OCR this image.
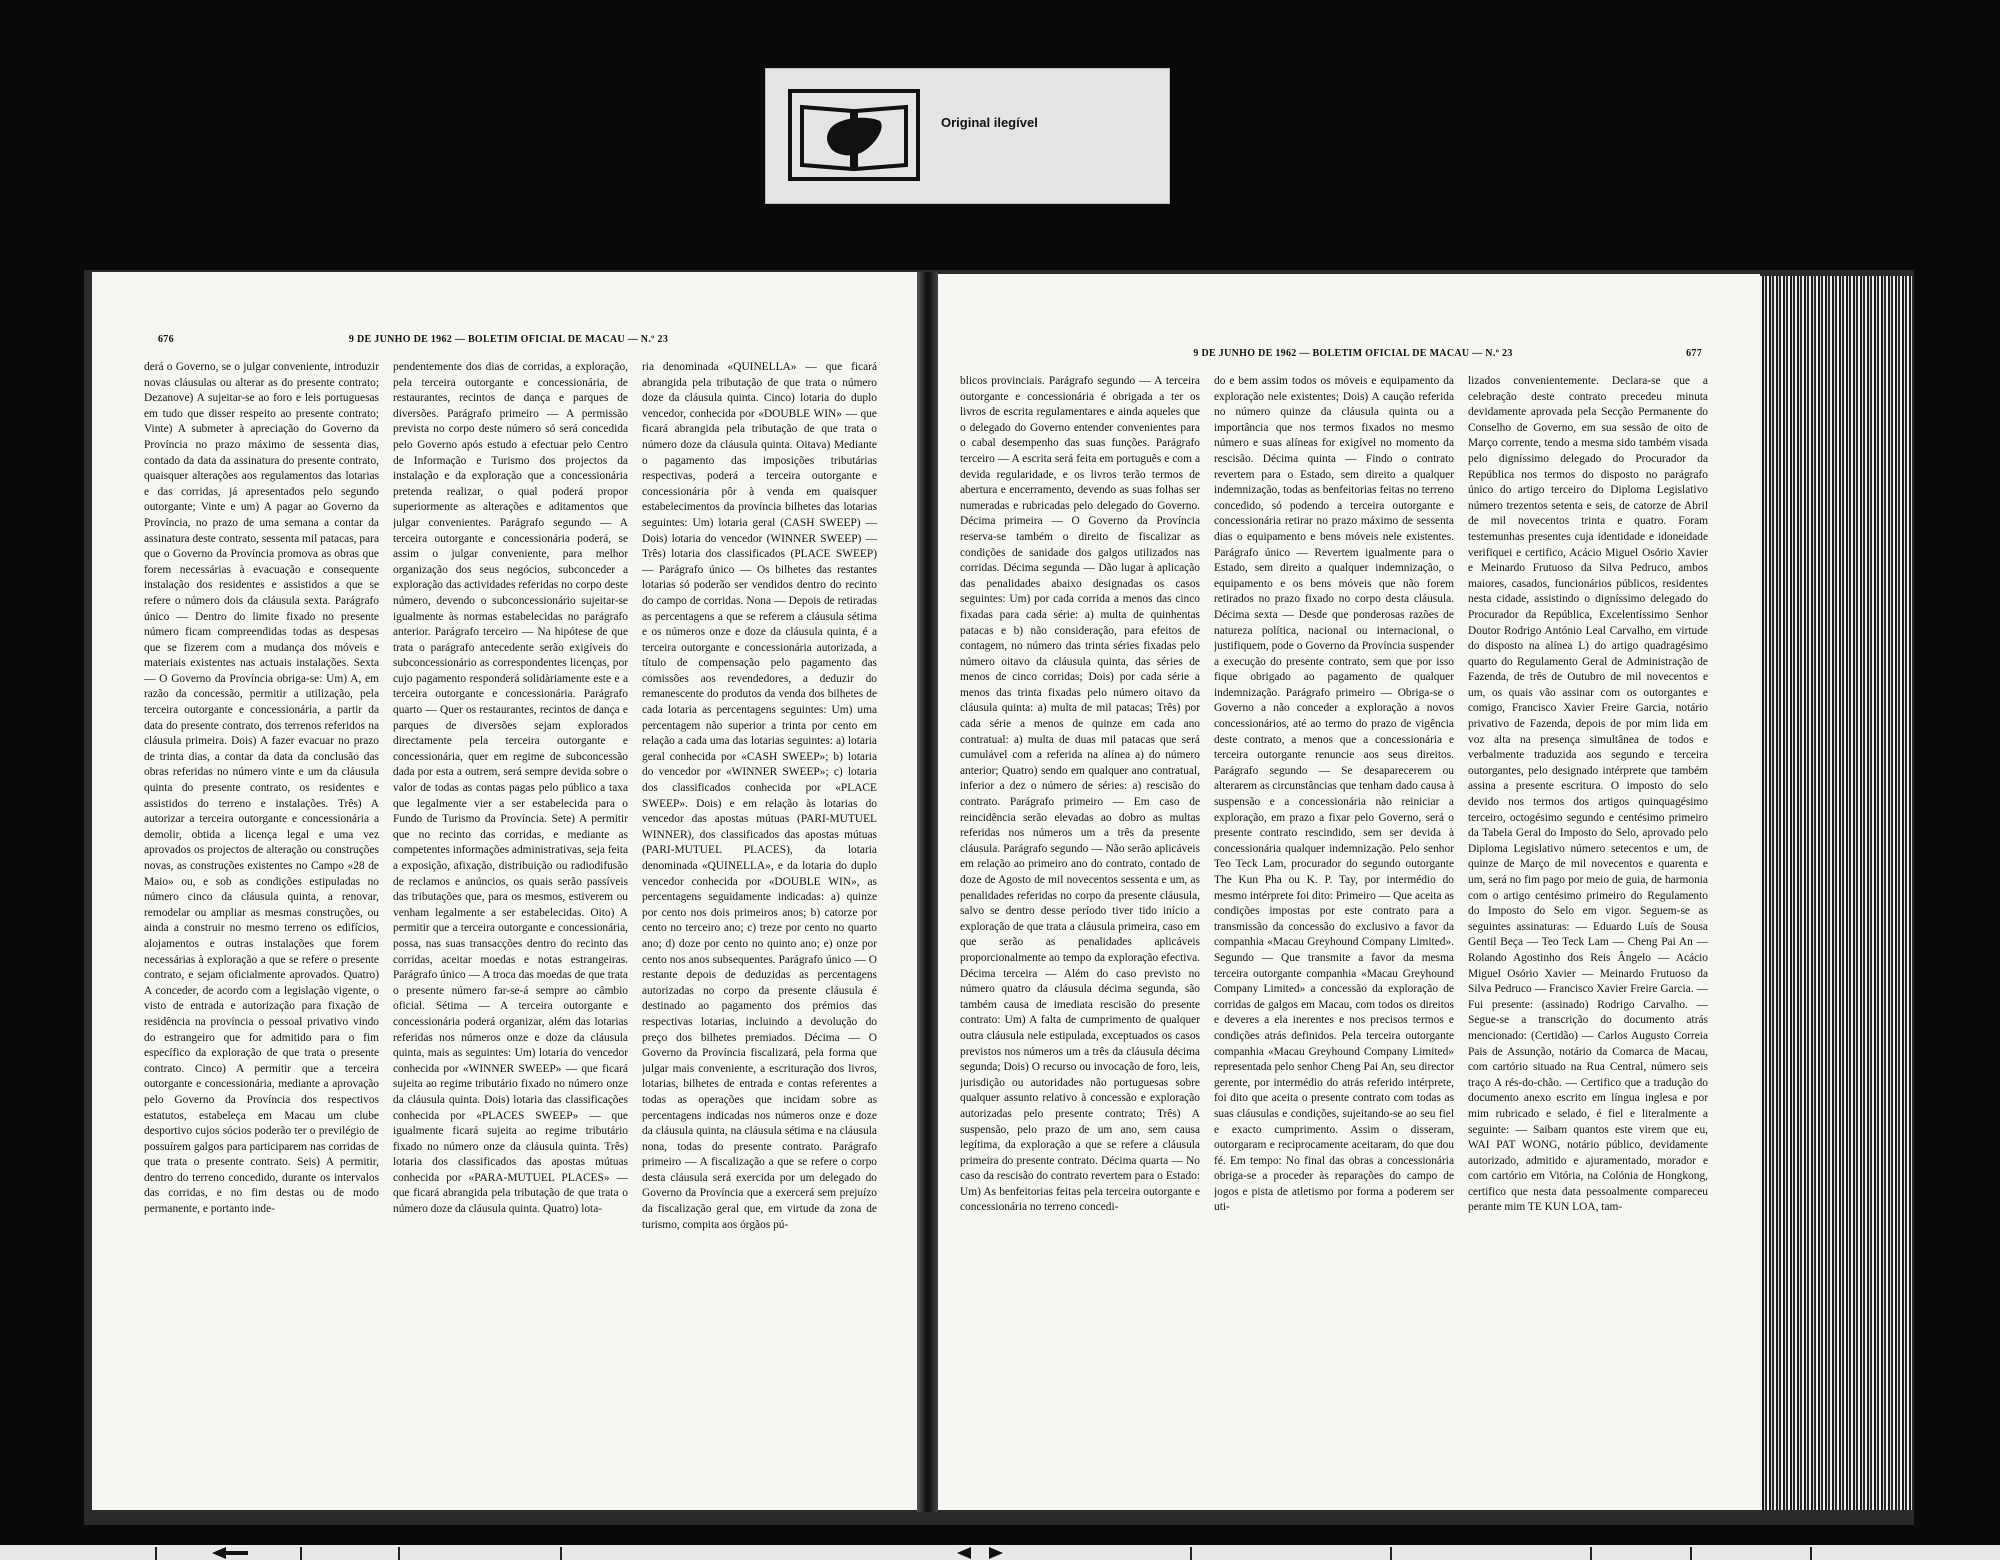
Original ilegível
676	9 DE JUNHO DE 1962 — BOLETIM OFICIAL DE MACAU — N.º 23

derá o Governo, se o julgar conveniente, introduzir novas cláusulas ou alterar as do presente contrato; Dezanove) A sujeitar-se ao foro e leis portuguesas em tudo que disser respeito ao presente contrato; Vinte) A submeter à apreciação do Governo da Província no prazo máximo de sessenta dias, contado da data da assinatura do presente contrato, quaisquer alterações aos regulamentos das lotarias e das corridas, já apresentados pelo segundo outorgante; Vinte e um) A pagar ao Governo da Província, no prazo de uma semana a contar da assinatura deste contrato, sessenta mil patacas, para que o Governo da Província promova as obras que forem necessárias à evacuação e consequente instalação dos residentes e assistidos a que se refere o número dois da cláusula sexta. Parágrafo único — Dentro do limite fixado no presente número ficam compreendidas todas as despesas que se fizerem com a mudança dos móveis e materiais existentes nas actuais instalações. Sexta — O Governo da Província obriga-se: Um) A, em razão da concessão, permitir a utilização, pela terceira outorgante e concessionária, a partir da data do presente contrato, dos terrenos referidos na cláusula primeira. Dois) A fazer evacuar no prazo de trinta dias, a contar da data da conclusão das obras referidas no número vinte e um da cláusula quinta do presente contrato, os residentes e assistidos do terreno e instalações. Três) A autorizar a terceira outorgante e concessionária a demolir, obtida a licença legal e uma vez aprovados os projectos de alteração ou construções novas, as construções existentes no Campo «28 de Maio» ou, e sob as condições estipuladas no número cinco da cláusula quinta, a renovar, remodelar ou ampliar as mesmas construções, ou ainda a construir no mesmo terreno os edifícios, alojamentos e outras instalações que forem necessárias à exploração a que se refere o presente contrato, e sejam oficialmente aprovados. Quatro) A conceder, de acordo com a legislação vigente, o visto de entrada e autorização para fixação de residência na província o pessoal privativo vindo do estrangeiro que for admitido para o fim específico da exploração de que trata o presente contrato. Cinco) A permitir que a terceira outorgante e concessionária, mediante a aprovação pelo Governo da Província dos respectivos estatutos, estabeleça em Macau um clube desportivo cujos sócios poderão ter o previlégio de possuírem galgos para participarem nas corridas de que trata o presente contrato. Seis) A permitir, dentro do terreno concedido, durante os intervalos das corridas, e no fim destas ou de modo permanente, e portanto inde-

pendentemente dos dias de corridas, a exploração, pela terceira outorgante e concessionária, de restaurantes, recintos de dança e parques de diversões. Parágrafo primeiro — A permissão prevista no corpo deste número só será concedida pelo Governo após estudo a efectuar pelo Centro de Informação e Turismo dos projectos da instalação e da exploração que a concessionária pretenda realizar, o qual poderá propor superiormente as alterações e aditamentos que julgar convenientes. Parágrafo segundo — A terceira outorgante e concessionária poderá, se assim o julgar conveniente, para melhor organização dos seus negócios, subconceder a exploração das actividades referidas no corpo deste número, devendo o subconcessionário sujeitar-se igualmente às normas estabelecidas no parágrafo anterior. Parágrafo terceiro — Na hipótese de que trata o parágrafo antecedente serão exigíveis do subconcessionário as correspondentes licenças, por cujo pagamento responderá solidàriamente este e a terceira outorgante e concessionária. Parágrafo quarto — Quer os restaurantes, recintos de dança e parques de diversões sejam explorados directamente pela terceira outorgante e concessionária, quer em regime de subconcessão dada por esta a outrem, será sempre devida sobre o valor de todas as contas pagas pelo público a taxa que legalmente vier a ser estabelecida para o Fundo de Turismo da Província. Sete) A permitir que no recinto das corridas, e mediante as competentes informações administrativas, seja feita a exposição, afixação, distribuição ou radiodifusão de reclamos e anúncios, os quais serão passíveis das tributações que, para os mesmos, estiverem ou venham legalmente a ser estabelecidas. Oito) A permitir que a terceira outorgante e concessionária, possa, nas suas transacções dentro do recinto das corridas, aceitar moedas e notas estrangeiras. Parágrafo único — A troca das moedas de que trata o presente número far-se-á sempre ao câmbio oficial. Sétima — A terceira outorgante e concessionária poderá organizar, além das lotarias referidas nos números onze e doze da cláusula quinta, mais as seguintes: Um) lotaria do vencedor conhecida por «WINNER SWEEP» — que ficará sujeita ao regime tributário fixado no número onze da cláusula quinta. Dois) lotaria das classificações conhecida por «PLACES SWEEP» — que igualmente ficará sujeita ao regime tributário fixado no número onze da cláusula quinta. Três) lotaria dos classificados das apostas mútuas conhecida por «PARA-MUTUEL PLACES» — que ficará abrangida pela tributação de que trata o número doze da cláusula quinta. Quatro) lota-

ria denominada «QUINELLA» — que ficará abrangida pela tributação de que trata o número doze da cláusula quinta. Cinco) lotaria do duplo vencedor, conhecida por «DOUBLE WIN» — que ficará abrangida pela tributação de que trata o número doze da cláusula quinta. Oitava) Mediante o pagamento das imposições tributárias respectivas, poderá a terceira outorgante e concessionária pôr à venda em quaisquer estabelecimentos da província bilhetes das lotarias seguintes: Um) lotaria geral (CASH SWEEP) — Dois) lotaria do vencedor (WINNER SWEEP) — Três) lotaria dos classificados (PLACE SWEEP) — Parágrafo único — Os bilhetes das restantes lotarias só poderão ser vendidos dentro do recinto do campo de corridas. Nona — Depois de retiradas as percentagens a que se referem a cláusula sétima e os números onze e doze da cláusula quinta, é a terceira outorgante e concessionária autorizada, a título de compensação pelo pagamento das comissões aos revendedores, a deduzir do remanescente do produtos da venda dos bilhetes de cada lotaria as percentagens seguintes: Um) uma percentagem não superior a trinta por cento em relação a cada uma das lotarias seguintes: a) lotaria geral conhecida por «CASH SWEEP»; b) lotaria do vencedor por «WINNER SWEEP»; c) lotaria dos classificados conhecida por «PLACE SWEEP». Dois) e em relação às lotarias do vencedor das apostas mútuas (PARI-MUTUEL WINNER), dos classificados das apostas mútuas (PARI-MUTUEL PLACES), da lotaria denominada «QUINELLA», e da lotaria do duplo vencedor conhecida por «DOUBLE WIN», as percentagens seguidamente indicadas: a) quinze por cento nos dois primeiros anos; b) catorze por cento no terceiro ano; c) treze por cento no quarto ano; d) doze por cento no quinto ano; e) onze por cento nos anos subsequentes. Parágrafo único — O restante depois de deduzidas as percentagens autorizadas no corpo da presente cláusula é destinado ao pagamento dos prémios das respectivas lotarias, incluindo a devolução do preço dos bilhetes premiados. Décima — O Governo da Província fiscalizará, pela forma que julgar mais conveniente, a escrituração dos livros, lotarias, bilhetes de entrada e contas referentes a todas as operações que incidam sobre as percentagens indicadas nos números onze e doze da cláusula quinta, na cláusula sétima e na cláusula nona, todas do presente contrato. Parágrafo primeiro — A fiscalização a que se refere o corpo desta cláusula será exercida por um delegado do Governo da Província que a exercerá sem prejuízo da fiscalização geral que, em virtude da zona de turismo, compita aos órgãos pú-

9 DE JUNHO DE 1962 — BOLETIM OFICIAL DE MACAU — N.º 23	677

blicos provinciais. Parágrafo segundo — A terceira outorgante e concessionária é obrigada a ter os livros de escrita regulamentares e ainda aqueles que o delegado do Governo entender convenientes para o cabal desempenho das suas funções. Parágrafo terceiro — A escrita será feita em português e com a devida regularidade, e os livros terão termos de abertura e encerramento, devendo as suas folhas ser numeradas e rubricadas pelo delegado do Governo. Décima primeira — O Governo da Província reserva-se também o direito de fiscalizar as condições de sanidade dos galgos utilizados nas corridas. Décima segunda — Dão lugar à aplicação das penalidades abaixo designadas os casos seguintes: Um) por cada corrida a menos das cinco fixadas para cada série: a) multa de quinhentas patacas e b) não consideração, para efeitos de contagem, no número das trinta séries fixadas pelo número oitavo da cláusula quinta, das séries de menos de cinco corridas; Dois) por cada série a menos das trinta fixadas pelo número oitavo da cláusula quinta: a) multa de mil patacas; Três) por cada série a menos de quinze em cada ano contratual: a) multa de duas mil patacas que será cumulável com a referida na alínea a) do número anterior; Quatro) sendo em qualquer ano contratual, inferior a dez o número de séries: a) rescisão do contrato. Parágrafo primeiro — Em caso de reincidência serão elevadas ao dobro as multas referidas nos números um a três da presente cláusula. Parágrafo segundo — Não serão aplicáveis em relação ao primeiro ano do contrato, contado de doze de Agosto de mil novecentos sessenta e um, as penalidades referidas no corpo da presente cláusula, salvo se dentro desse período tiver tido início a exploração de que trata a cláusula primeira, caso em que serão as penalidades aplicáveis proporcionalmente ao tempo da exploração efectiva. Décima terceira — Além do caso previsto no número quatro da cláusula décima segunda, são também causa de imediata rescisão do presente contrato: Um) A falta de cumprimento de qualquer outra cláusula nele estipulada, exceptuados os casos previstos nos números um a três da cláusula décima segunda; Dois) O recurso ou invocação de foro, leis, jurisdição ou autoridades não portuguesas sobre qualquer assunto relativo à concessão e exploração autorizadas pelo presente contrato; Três) A suspensão, pelo prazo de um ano, sem causa legítima, da exploração a que se refere a cláusula primeira do presente contrato. Décima quarta — No caso da rescisão do contrato revertem para o Estado: Um) As benfeitorias feitas pela terceira outorgante e concessionária no terreno concedi-

do e bem assim todos os móveis e equipamento da exploração nele existentes; Dois) A caução referida no número quinze da cláusula quinta ou a importância que nos termos fixados no mesmo número e suas alíneas for exigível no momento da rescisão. Décima quinta — Findo o contrato revertem para o Estado, sem direito a qualquer indemnização, todas as benfeitorias feitas no terreno concedido, só podendo a terceira outorgante e concessionária retirar no prazo máximo de sessenta dias o equipamento e bens móveis nele existentes. Parágrafo único — Revertem igualmente para o Estado, sem direito a qualquer indemnização, o equipamento e os bens móveis que não forem retirados no prazo fixado no corpo desta cláusula. Décima sexta — Desde que ponderosas razões de natureza política, nacional ou internacional, o justifiquem, pode o Governo da Província suspender a execução do presente contrato, sem que por isso fique obrigado ao pagamento de qualquer indemnização. Parágrafo primeiro — Obriga-se o Governo a não conceder a exploração a novos concessionários, até ao termo do prazo de vigência deste contrato, a menos que a concessionária e terceira outorgante renuncie aos seus direitos. Parágrafo segundo — Se desaparecerem ou alterarem as circunstâncias que tenham dado causa à suspensão e a concessionária não reiniciar a exploração, em prazo a fixar pelo Governo, será o presente contrato rescindido, sem ser devida à concessionária qualquer indemnização. Pelo senhor Teo Teck Lam, procurador do segundo outorgante The Kun Pha ou K. P. Tay, por intermédio do mesmo intérprete foi dito: Primeiro — Que aceita as condições impostas por este contrato para a transmissão da concessão do exclusivo a favor da companhia «Macau Greyhound Company Limited». Segundo — Que transmite a favor da mesma terceira outorgante companhia «Macau Greyhound Company Limited» a concessão da exploração de corridas de galgos em Macau, com todos os direitos e deveres a ela inerentes e nos precisos termos e condições atrás definidos. Pela terceira outorgante companhia «Macau Greyhound Company Limited» representada pelo senhor Cheng Pai An, seu director gerente, por intermédio do atrás referido intérprete, foi dito que aceita o presente contrato com todas as suas cláusulas e condições, sujeitando-se ao seu fiel e exacto cumprimento. Assim o disseram, outorgaram e reciprocamente aceitaram, do que dou fé. Em tempo: No final das obras a concessionária obriga-se a proceder às reparações do campo de jogos e pista de atletismo por forma a poderem ser uti-

lizados convenientemente. Declara-se que a celebração deste contrato precedeu minuta devidamente aprovada pela Secção Permanente do Conselho de Governo, em sua sessão de oito de Março corrente, tendo a mesma sido também visada pelo digníssimo delegado do Procurador da República nos termos do disposto no parágrafo único do artigo terceiro do Diploma Legislativo número trezentos setenta e seis, de catorze de Abril de mil novecentos trinta e quatro. Foram testemunhas presentes cuja identidade e idoneidade verifiquei e certifico, Acácio Miguel Osório Xavier e Meinardo Frutuoso da Silva Pedruco, ambos maiores, casados, funcionários públicos, residentes nesta cidade, assistindo o digníssimo delegado do Procurador da República, Excelentíssimo Senhor Doutor Rodrigo António Leal Carvalho, em virtude do disposto na alínea L) do artigo quadragésimo quarto do Regulamento Geral de Administração de Fazenda, de três de Outubro de mil novecentos e um, os quais vão assinar com os outorgantes e comigo, Francisco Xavier Freire Garcia, notário privativo de Fazenda, depois de por mim lida em voz alta na presença simultânea de todos e verbalmente traduzida aos segundo e terceira outorgantes, pelo designado intérprete que também assina a presente escritura. O imposto do selo devido nos termos dos artigos quinquagésimo terceiro, octogésimo segundo e centésimo primeiro da Tabela Geral do Imposto do Selo, aprovado pelo Diploma Legislativo número setecentos e um, de quinze de Março de mil novecentos e quarenta e um, será no fim pago por meio de guia, de harmonia com o artigo centésimo primeiro do Regulamento do Imposto do Selo em vigor. Seguem-se as seguintes assinaturas: — Eduardo Luís de Sousa Gentil Beça — Teo Teck Lam — Cheng Pai An — Rolando Agostinho dos Reis Ângelo — Acácio Miguel Osório Xavier — Meinardo Frutuoso da Silva Pedruco — Francisco Xavier Freire Garcia. — Fui presente: (assinado) Rodrigo Carvalho. — Segue-se a transcrição do documento atrás mencionado: (Certidão) — Carlos Augusto Correia Pais de Assunção, notário da Comarca de Macau, com cartório situado na Rua Central, número seis traço A rés-do-chão. — Certifico que a tradução do documento anexo escrito em língua inglesa e por mim rubricado e selado, é fiel e literalmente a seguinte: — Saibam quantos este virem que eu, WAI PAT WONG, notário público, devidamente autorizado, admitido e ajuramentado, morador e com cartório em Vitória, na Colónia de Hongkong, certifico que nesta data pessoalmente compareceu perante mim TE KUN LOA, tam-
